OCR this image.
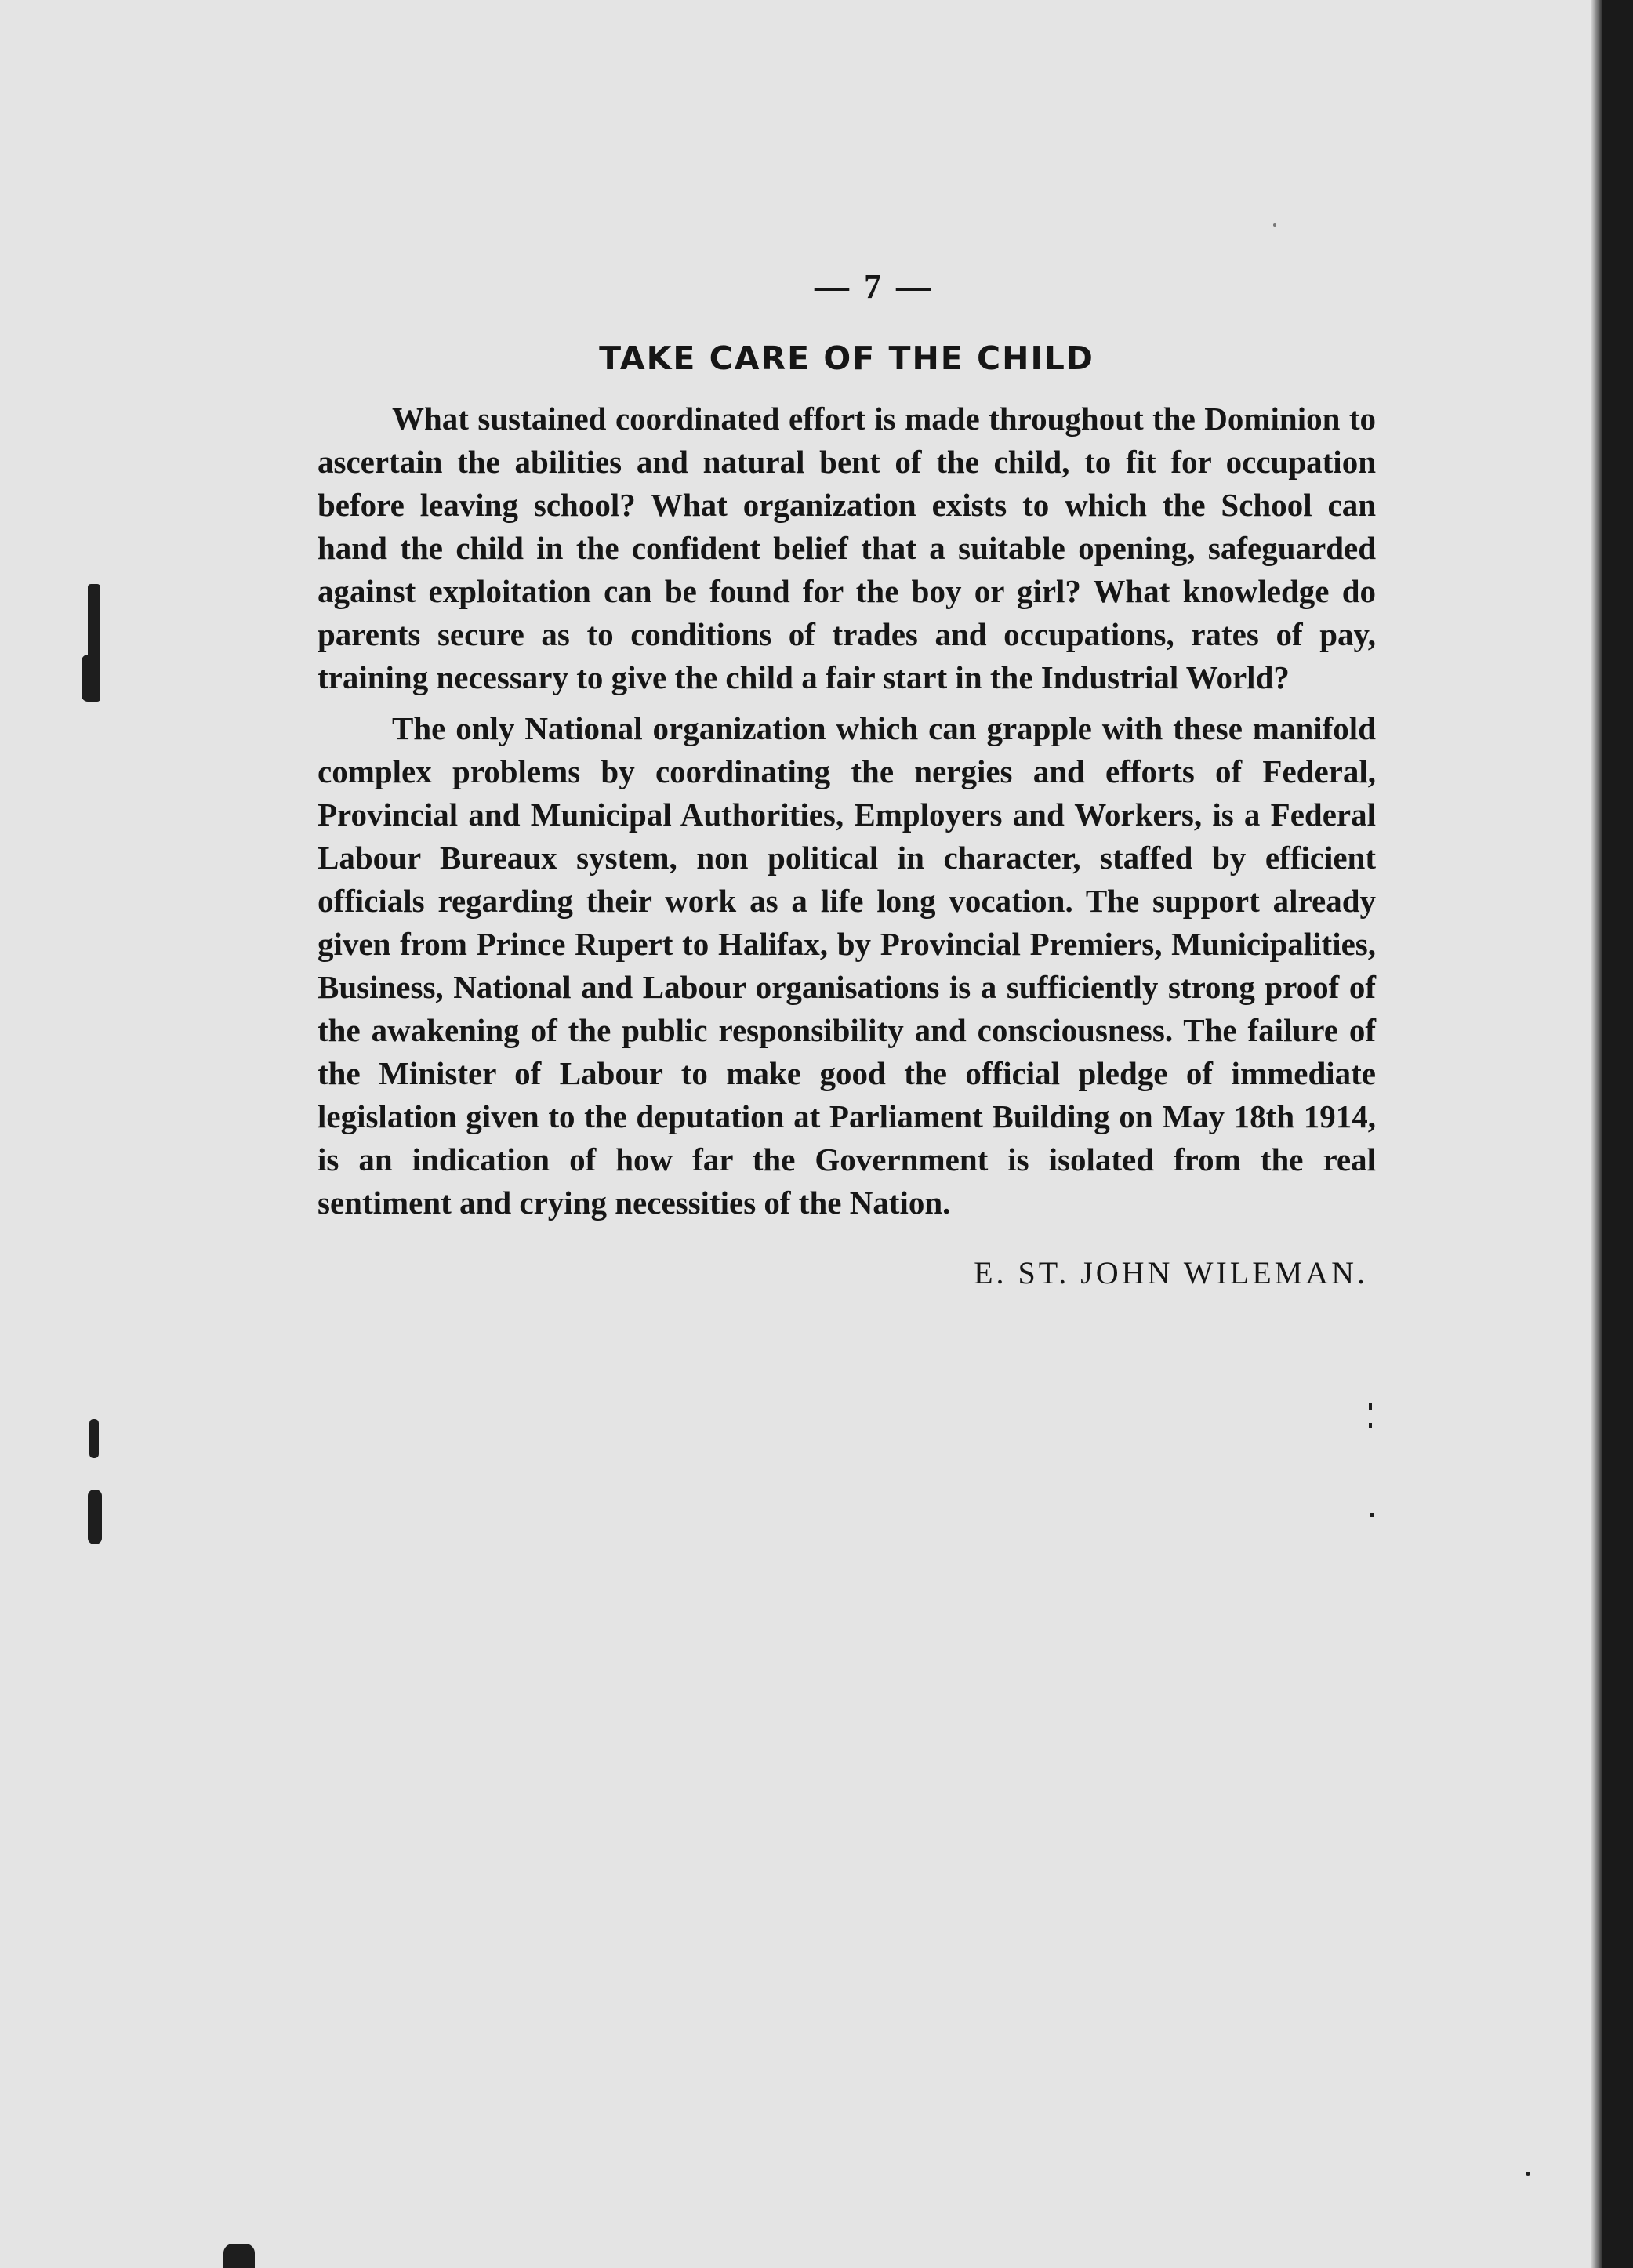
— 7 —
TAKE CARE OF THE CHILD

What sustained coordinated effort is made throughout the Dominion to ascertain the abilities and natural bent of the child, to fit for occupation before leaving school? What organization exists to which the School can hand the child in the confident belief that a suitable opening, safeguarded against exploitation can be found for the boy or girl? What knowledge do parents secure as to conditions of trades and occupations, rates of pay, training necessary to give the child a fair start in the Industrial World?

The only National organization which can grapple with these manifold complex problems by coordinating the nergies and efforts of Federal, Provincial and Municipal Authorities, Employers and Workers, is a Federal Labour Bureaux system, non political in character, staffed by efficient officials regarding their work as a life long vocation. The support already given from Prince Rupert to Halifax, by Provincial Premiers, Municipalities, Business, National and Labour organisations is a sufficiently strong proof of the awakening of the public responsibility and consciousness. The failure of the Minister of Labour to make good the official pledge of immediate legislation given to the deputation at Parliament Building on May 18th 1914, is an indication of how far the Government is isolated from the real sentiment and crying necessities of the Nation.

E. ST. JOHN WILEMAN.
